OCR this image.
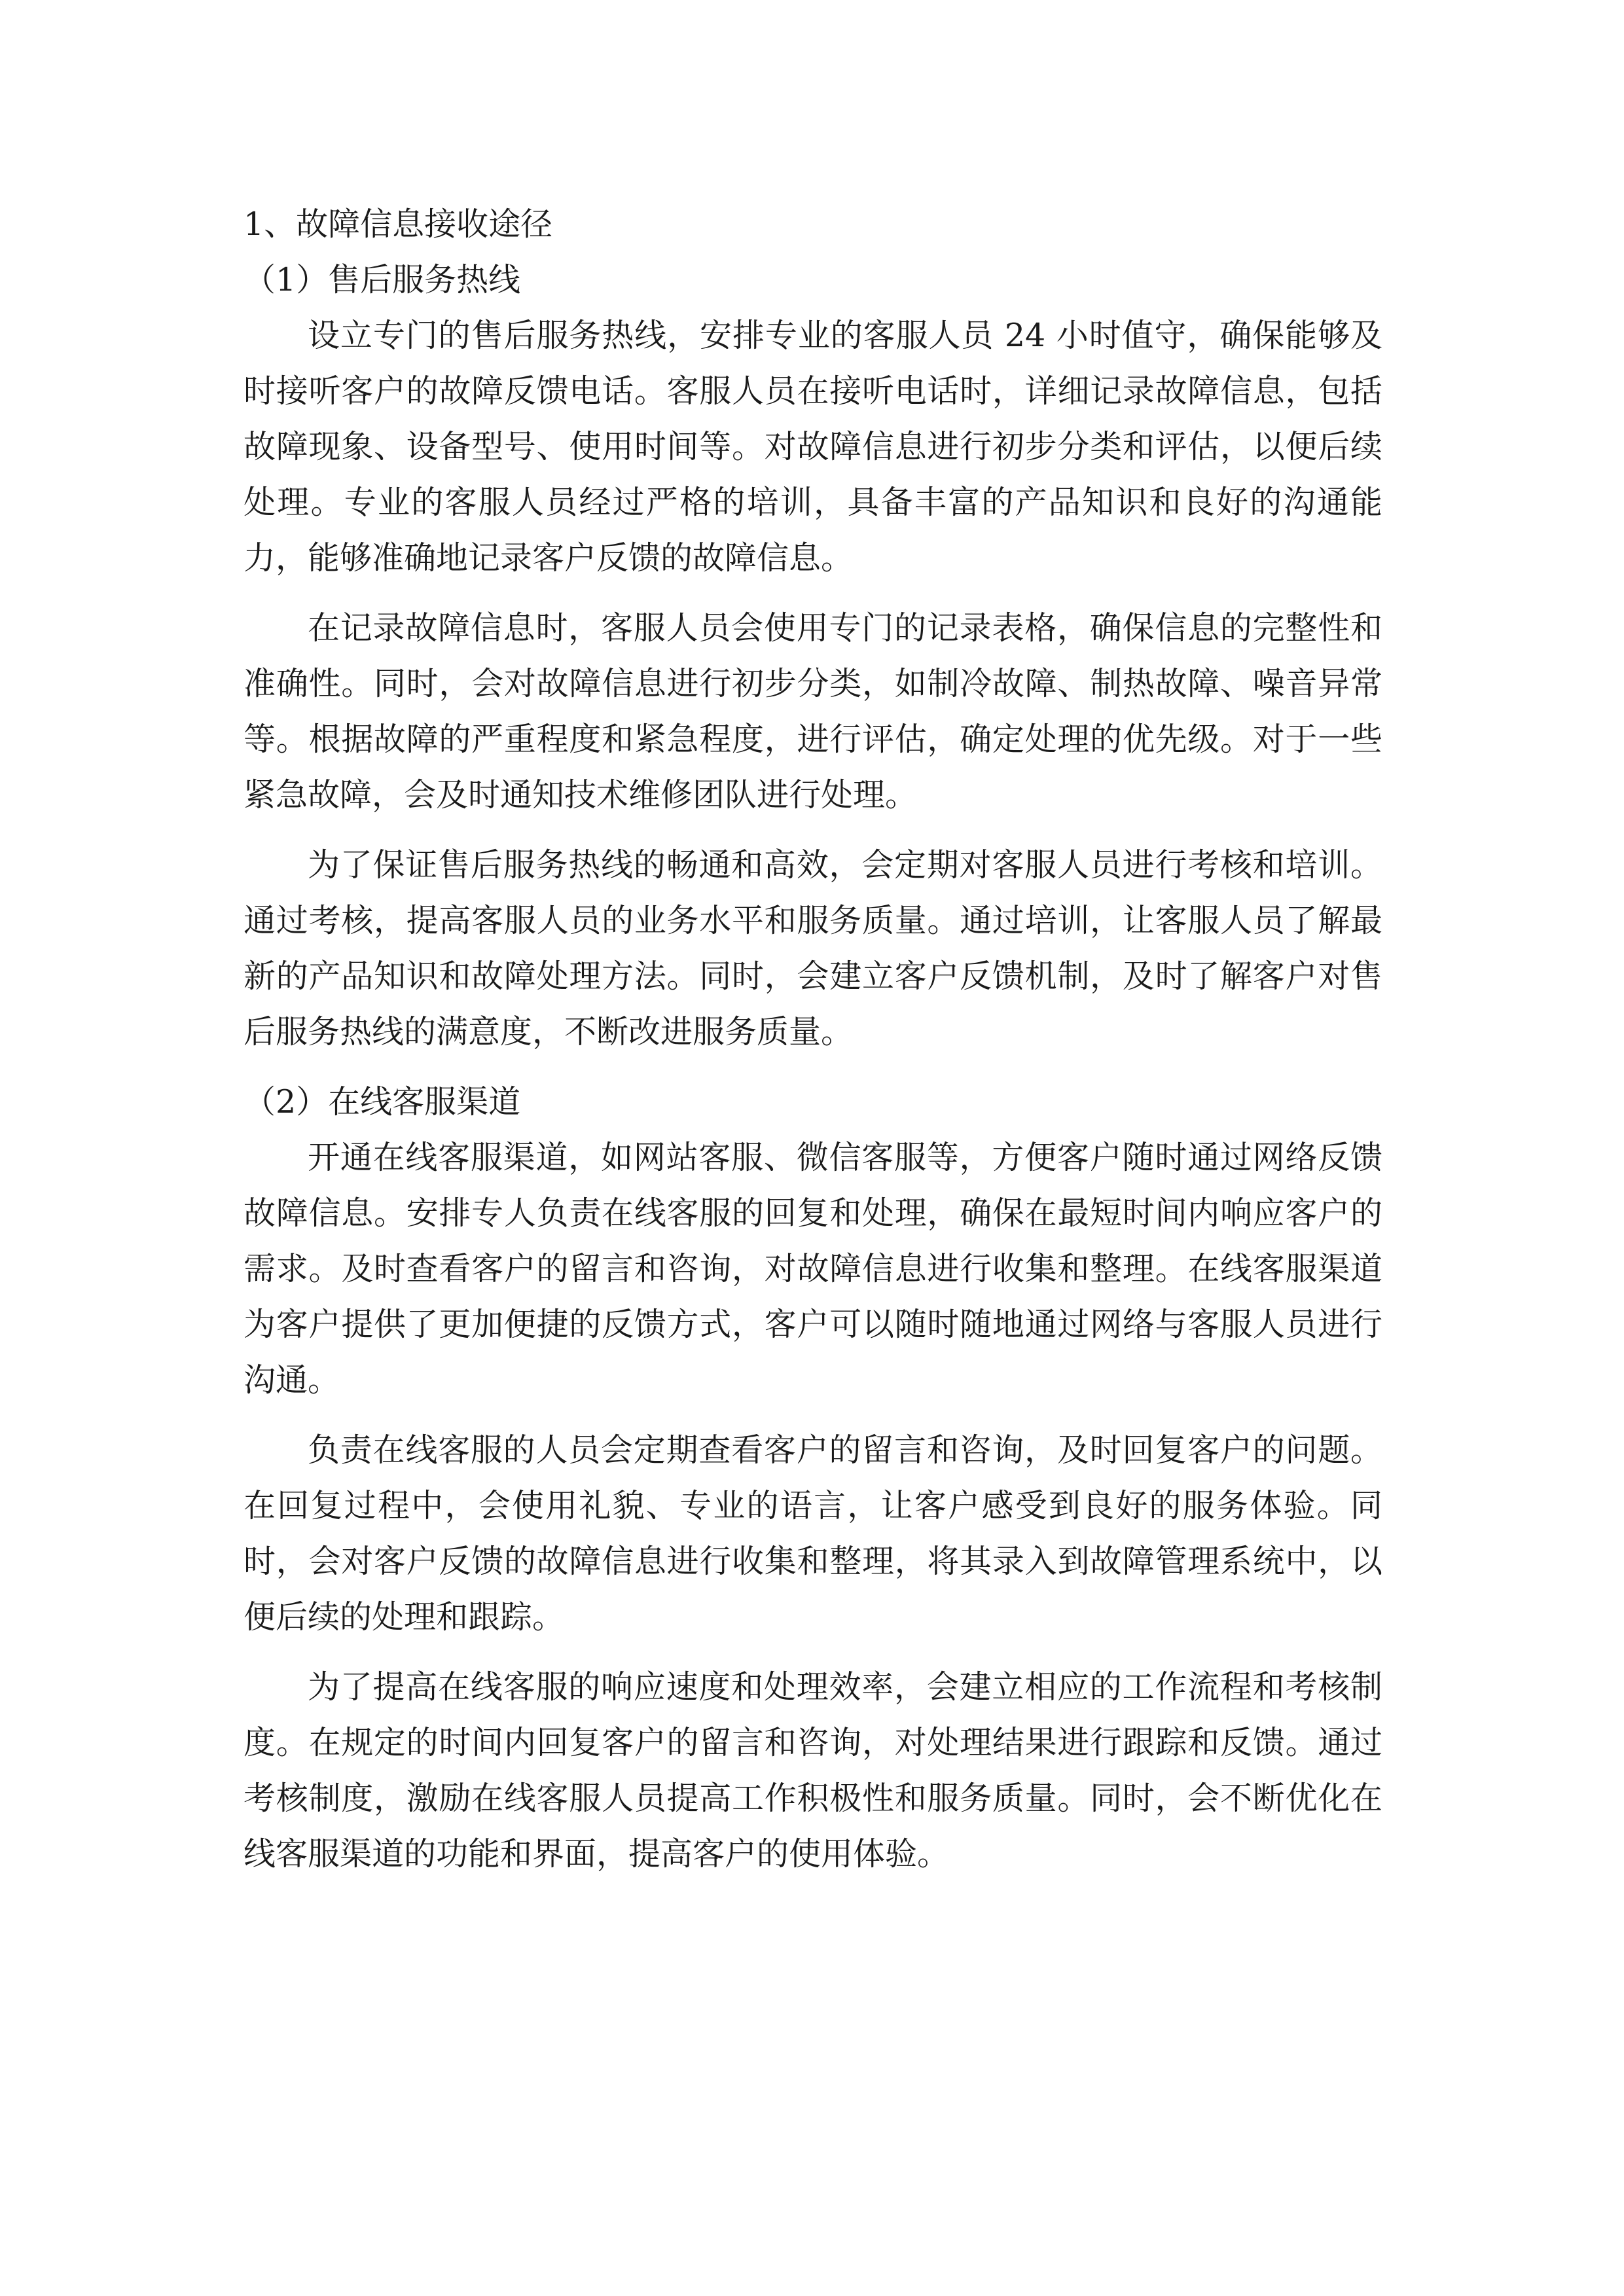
1、故障信息接收途径
（1）售后服务热线

设立专门的售后服务热线，安排专业的客服人员 24 小时值守，确保能够及时接听客户的故障反馈电话。客服人员在接听电话时，详细记录故障信息，包括故障现象、设备型号、使用时间等。对故障信息进行初步分类和评估，以便后续处理。专业的客服人员经过严格的培训，具备丰富的产品知识和良好的沟通能力，能够准确地记录客户反馈的故障信息。

在记录故障信息时，客服人员会使用专门的记录表格，确保信息的完整性和准确性。同时，会对故障信息进行初步分类，如制冷故障、制热故障、噪音异常等。根据故障的严重程度和紧急程度，进行评估，确定处理的优先级。对于一些紧急故障，会及时通知技术维修团队进行处理。

为了保证售后服务热线的畅通和高效，会定期对客服人员进行考核和培训。通过考核，提高客服人员的业务水平和服务质量。通过培训，让客服人员了解最新的产品知识和故障处理方法。同时，会建立客户反馈机制，及时了解客户对售后服务热线的满意度，不断改进服务质量。

（2）在线客服渠道

开通在线客服渠道，如网站客服、微信客服等，方便客户随时通过网络反馈故障信息。安排专人负责在线客服的回复和处理，确保在最短时间内响应客户的需求。及时查看客户的留言和咨询，对故障信息进行收集和整理。在线客服渠道为客户提供了更加便捷的反馈方式，客户可以随时随地通过网络与客服人员进行沟通。

负责在线客服的人员会定期查看客户的留言和咨询，及时回复客户的问题。在回复过程中，会使用礼貌、专业的语言，让客户感受到良好的服务体验。同时，会对客户反馈的故障信息进行收集和整理，将其录入到故障管理系统中，以便后续的处理和跟踪。

为了提高在线客服的响应速度和处理效率，会建立相应的工作流程和考核制度。在规定的时间内回复客户的留言和咨询，对处理结果进行跟踪和反馈。通过考核制度，激励在线客服人员提高工作积极性和服务质量。同时，会不断优化在线客服渠道的功能和界面，提高客户的使用体验。
